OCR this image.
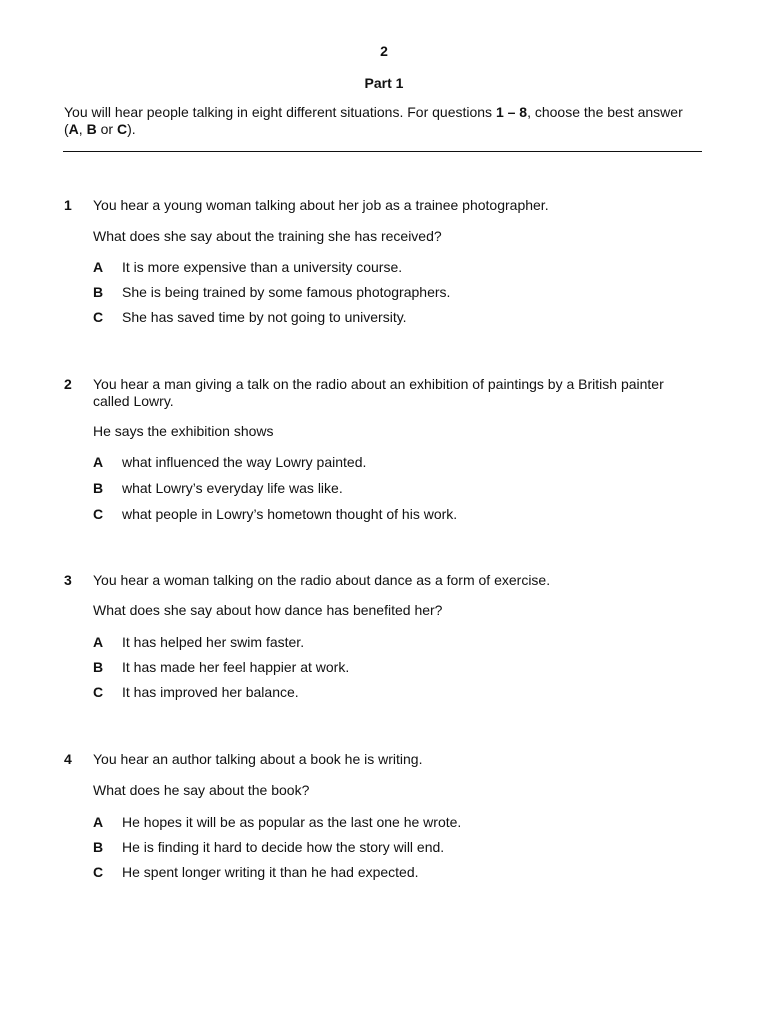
2
Part 1
You will hear people talking in eight different situations. For questions 1 – 8, choose the best answer (A, B or C).
1	You hear a young woman talking about her job as a trainee photographer.
What does she say about the training she has received?
A	It is more expensive than a university course.
B	She is being trained by some famous photographers.
C	She has saved time by not going to university.
2	You hear a man giving a talk on the radio about an exhibition of paintings by a British painter called Lowry.
He says the exhibition shows
A	what influenced the way Lowry painted.
B	what Lowry’s everyday life was like.
C	what people in Lowry’s hometown thought of his work.
3	You hear a woman talking on the radio about dance as a form of exercise.
What does she say about how dance has benefited her?
A	It has helped her swim faster.
B	It has made her feel happier at work.
C	It has improved her balance.
4	You hear an author talking about a book he is writing.
What does he say about the book?
A	He hopes it will be as popular as the last one he wrote.
B	He is finding it hard to decide how the story will end.
C	He spent longer writing it than he had expected.
